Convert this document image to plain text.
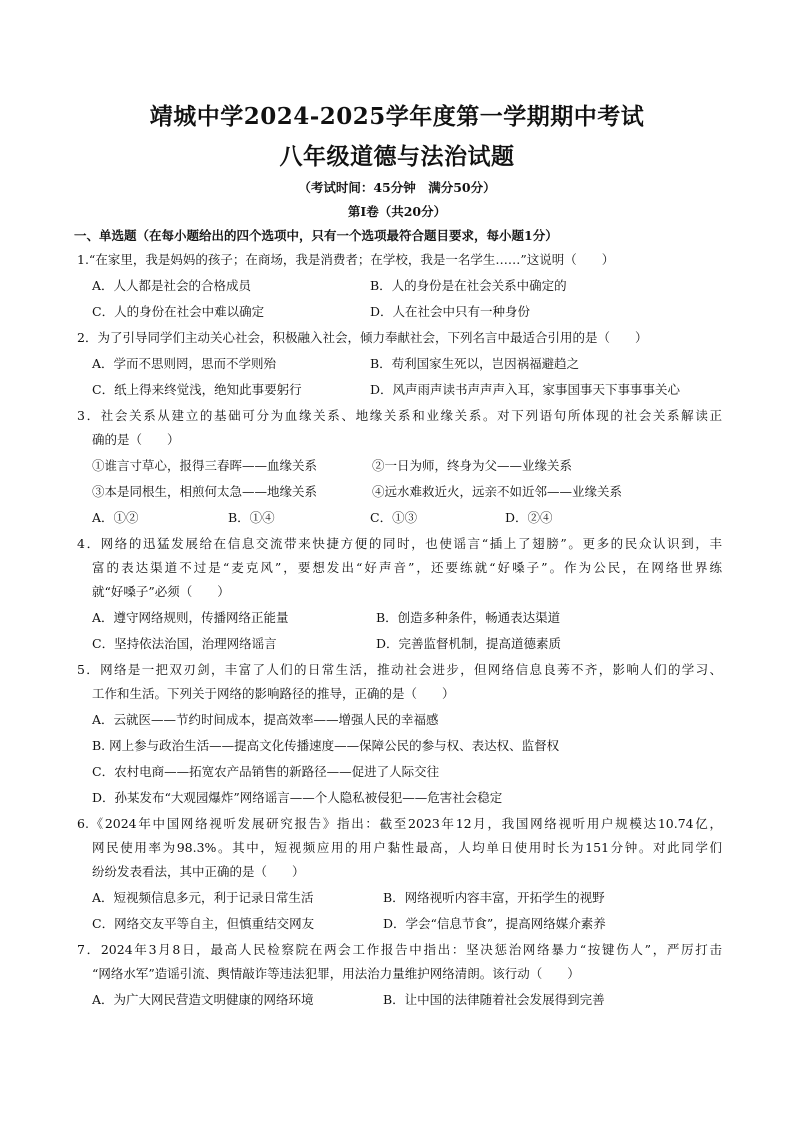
靖城中学2024-2025学年度第一学期期中考试
八年级道德与法治试题
（考试时间：45分钟　满分50分）
第Ⅰ卷（共20分）
一、单选题（在每小题给出的四个选项中，只有一个选项最符合题目要求，每小题1分）
1.“在家里，我是妈妈的孩子；在商场，我是消费者；在学校，我是一名学生……”这说明（　　）
A．人人都是社会的合格成员	B．人的身份是在社会关系中确定的
C．人的身份在社会中难以确定	D．人在社会中只有一种身份
2．为了引导同学们主动关心社会，积极融入社会，倾力奉献社会，下列名言中最适合引用的是（　　）
A．学而不思则罔，思而不学则殆	B．苟利国家生死以，岂因祸福避趋之
C．纸上得来终觉浅，绝知此事要躬行	D．风声雨声读书声声声入耳，家事国事天下事事事关心
3．社会关系从建立的基础可分为血缘关系、地缘关系和业缘关系。对下列语句所体现的社会关系解读正
确的是（　　）
①谁言寸草心，报得三春晖——血缘关系	②一日为师，终身为父——业缘关系
③本是同根生，相煎何太急——地缘关系	④远水难救近火，远亲不如近邻——业缘关系
A．①②	B．①④	C．①③	D．②④
4．网络的迅猛发展给在信息交流带来快捷方便的同时，也使谣言“插上了翅膀”。更多的民众认识到，丰
富的表达渠道不过是“麦克风”，要想发出“好声音”，还要练就“好嗓子”。作为公民，在网络世界练
就“好嗓子”必须（　　）
A．遵守网络规则，传播网络正能量	B．创造多种条件，畅通表达渠道
C．坚持依法治国，治理网络谣言	D．完善监督机制，提高道德素质
5．网络是一把双刃剑，丰富了人们的日常生活，推动社会进步，但网络信息良莠不齐，影响人们的学习、
工作和生活。下列关于网络的影响路径的推导，正确的是（　　）
A．云就医——节约时间成本，提高效率——增强人民的幸福感
B. 网上参与政治生活——提高文化传播速度——保障公民的参与权、表达权、监督权
C．农村电商——拓宽农产品销售的新路径——促进了人际交往
D．孙某发布“大观园爆炸”网络谣言——个人隐私被侵犯——危害社会稳定
6.《2024年中国网络视听发展研究报告》指出：截至2023年12月，我国网络视听用户规模达10.74亿，
网民使用率为98.3%。其中，短视频应用的用户黏性最高，人均单日使用时长为151分钟。对此同学们
纷纷发表看法，其中正确的是（　　）
A．短视频信息多元，利于记录日常生活	B．网络视听内容丰富，开拓学生的视野
C．网络交友平等自主，但慎重结交网友	D．学会“信息节食”，提高网络媒介素养
7．2024年3月8日，最高人民检察院在两会工作报告中指出：坚决惩治网络暴力“按键伤人”，严厉打击
“网络水军”造谣引流、舆情敲诈等违法犯罪，用法治力量维护网络清朗。该行动（　　）
A．为广大网民营造文明健康的网络环境	B．让中国的法律随着社会发展得到完善
